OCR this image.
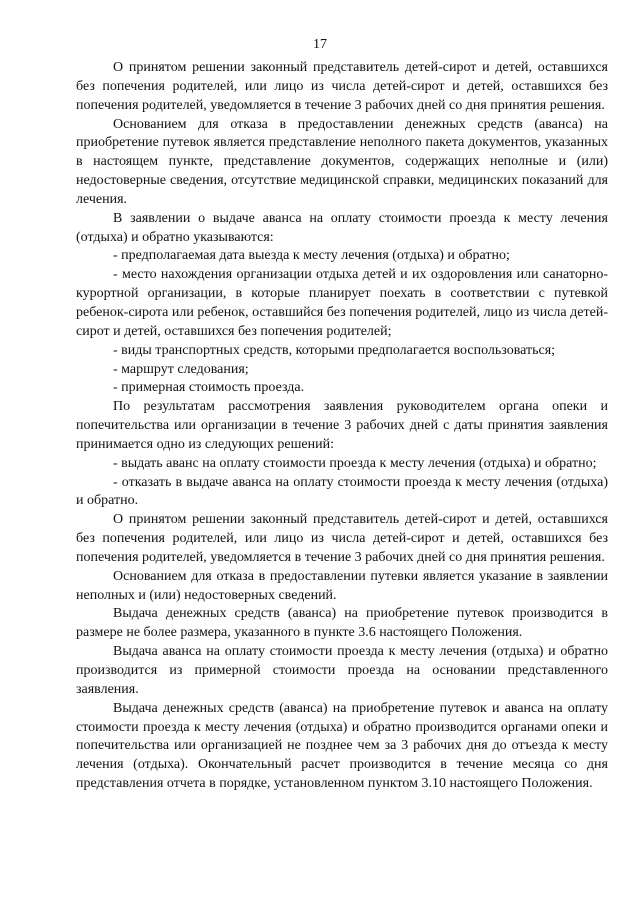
17

О принятом решении законный представитель детей-сирот и детей, оставшихся без попечения родителей, или лицо из числа детей-сирот и детей, оставшихся без попечения родителей, уведомляется в течение 3 рабочих дней со дня принятия решения.

Основанием для отказа в предоставлении денежных средств (аванса) на приобретение путевок является представление неполного пакета документов, указанных в настоящем пункте, представление документов, содержащих неполные и (или) недостоверные сведения, отсутствие медицинской справки, медицинских показаний для лечения.

В заявлении о выдаче аванса на оплату стоимости проезда к месту лечения (отдыха) и обратно указываются:

- предполагаемая дата выезда к месту лечения (отдыха) и обратно;

- место нахождения организации отдыха детей и их оздоровления или санаторно-курортной организации, в которые планирует поехать в соответствии с путевкой ребенок-сирота или ребенок, оставшийся без попечения родителей, лицо из числа детей-сирот и детей, оставшихся без попечения родителей;

- виды транспортных средств, которыми предполагается воспользоваться;

- маршрут следования;

- примерная стоимость проезда.

По результатам рассмотрения заявления руководителем органа опеки и попечительства или организации в течение 3 рабочих дней с даты принятия заявления принимается одно из следующих решений:

- выдать аванс на оплату стоимости проезда к месту лечения (отдыха) и обратно;

- отказать в выдаче аванса на оплату стоимости проезда к месту лечения (отдыха) и обратно.

О принятом решении законный представитель детей-сирот и детей, оставшихся без попечения родителей, или лицо из числа детей-сирот и детей, оставшихся без попечения родителей, уведомляется в течение 3 рабочих дней со дня принятия решения.

Основанием для отказа в предоставлении путевки является указание в заявлении неполных и (или) недостоверных сведений.

Выдача денежных средств (аванса) на приобретение путевок производится в размере не более размера, указанного в пункте 3.6 настоящего Положения.

Выдача аванса на оплату стоимости проезда к месту лечения (отдыха) и обратно производится из примерной стоимости проезда на основании представленного заявления.

Выдача денежных средств (аванса) на приобретение путевок и аванса на оплату стоимости проезда к месту лечения (отдыха) и обратно производится органами опеки и попечительства или организацией не позднее чем за 3 рабочих дня до отъезда к месту лечения (отдыха). Окончательный расчет производится в течение месяца со дня представления отчета в порядке, установленном пунктом 3.10 настоящего Положения.
